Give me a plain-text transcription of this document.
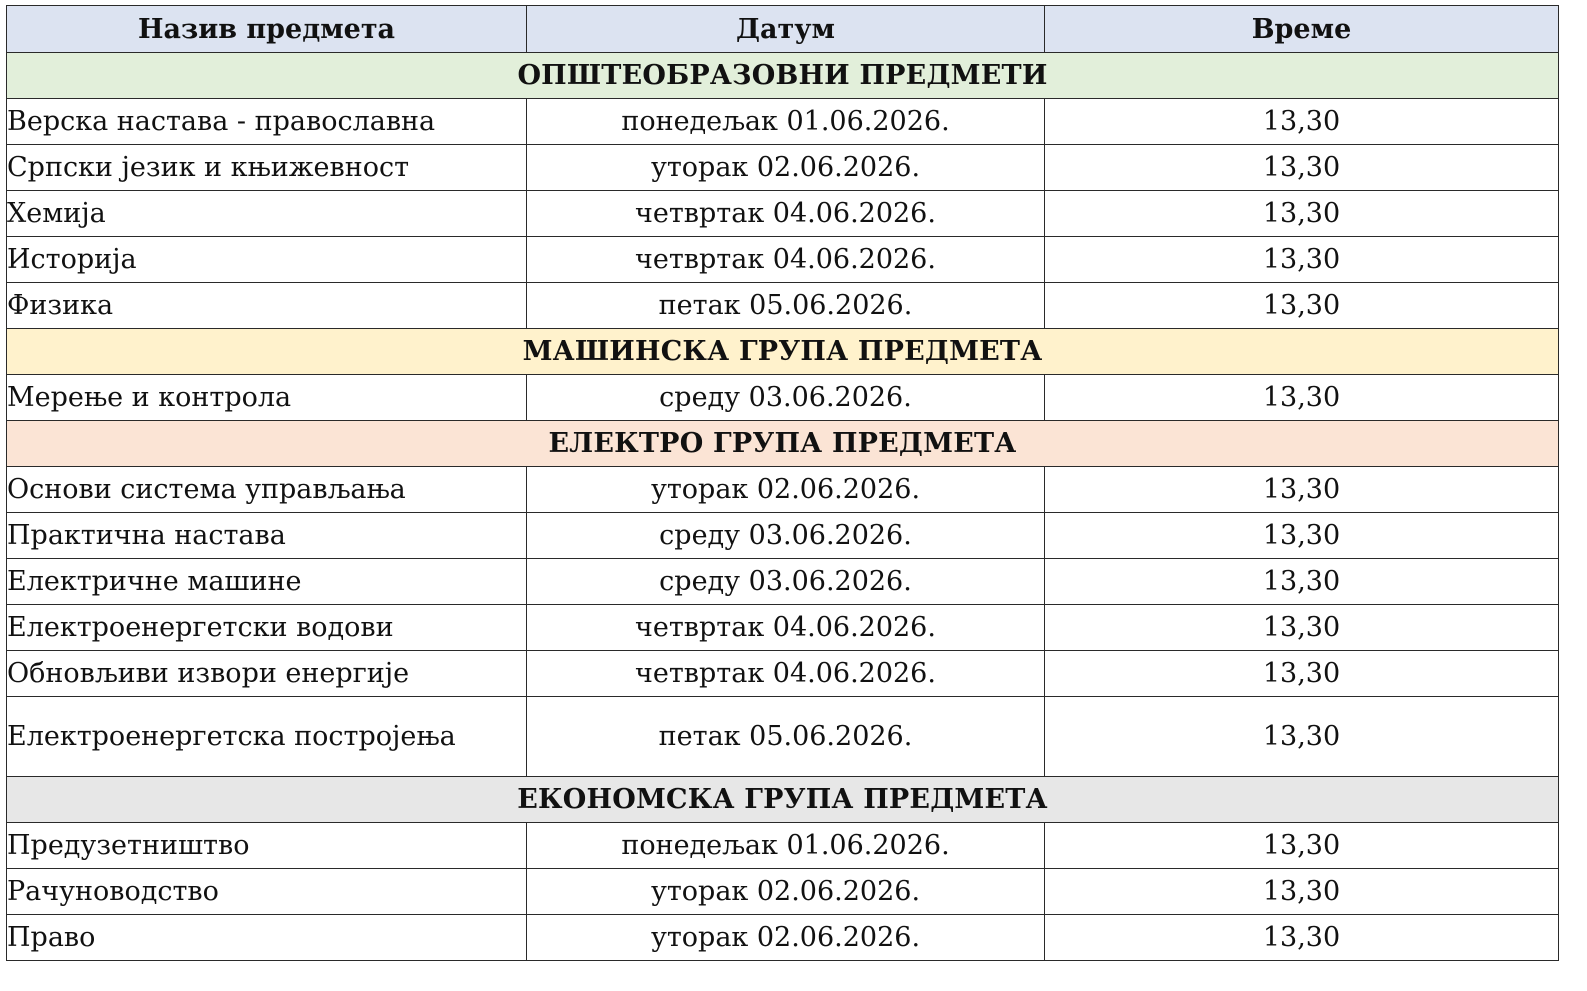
Назив предмета	Датум	Време
ОПШТЕОБРАЗОВНИ ПРЕДМЕТИ		
Верска настава - православна	понедељак 01.06.2026.	13,30
Српски језик и књижевност	уторак 02.06.2026.	13,30
Хемија	четвртак 04.06.2026.	13,30
Историја	четвртак 04.06.2026.	13,30
Физика	петак 05.06.2026.	13,30
МАШИНСКА ГРУПА ПРЕДМЕТА		
Мерење и контрола	среду 03.06.2026.	13,30
ЕЛЕКТРО ГРУПА ПРЕДМЕТА		
Основи система управљања	уторак 02.06.2026.	13,30
Практична настава	среду 03.06.2026.	13,30
Електричне машине	среду 03.06.2026.	13,30
Електроенергетски водови	четвртак 04.06.2026.	13,30
Обновљиви извори енергије	четвртак 04.06.2026.	13,30
Електроенергетска постројења	петак 05.06.2026.	13,30
ЕКОНОМСКА ГРУПА ПРЕДМЕТА		
Предузетништво	понедељак 01.06.2026.	13,30
Рачуноводство	уторак 02.06.2026.	13,30
Право	уторак 02.06.2026.	13,30
